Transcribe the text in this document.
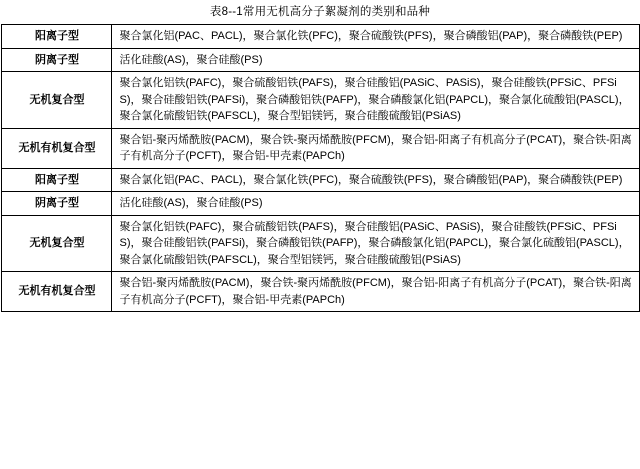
表8--1常用无机高分子絮凝剂的类别和品种
阳离子型	聚合氯化铝(PAC、PACL)，聚合氯化铁(PFC)，聚合硫酸铁(PFS)，聚合磷酸铝(PAP)，聚合磷酸铁(PEP)
阴离子型	活化硅酸(AS)，聚合硅酸(PS)
无机复合型	聚合氯化铝铁(PAFC)，聚合硫酸铝铁(PAFS)，聚合硅酸铝(PASiC、PASiS)，聚合硅酸铁(PFSiC、PFSiS)，聚合硅酸铝铁(PAFSi)，聚合磷酸铝铁(PAFP)，聚合磷酸氯化铝(PAPCL)，聚合氯化硫酸铝(PASCL)，聚合氯化硫酸铝铁(PAFSCL)，聚合型铝镁钙，聚合硅酸硫酸铝(PSiAS)
无机有机复合型	聚合铝-聚丙烯酰胺(PACM)，聚合铁-聚丙烯酰胺(PFCM)，聚合铝-阳离子有机高分子(PCAT)，聚合铁-阳离子有机高分子(PCFT)，聚合铝-甲壳素(PAPCh)
阳离子型	聚合氯化铝(PAC、PACL)，聚合氯化铁(PFC)，聚合硫酸铁(PFS)，聚合磷酸铝(PAP)，聚合磷酸铁(PEP)
阴离子型	活化硅酸(AS)，聚合硅酸(PS)
无机复合型	聚合氯化铝铁(PAFC)，聚合硫酸铝铁(PAFS)，聚合硅酸铝(PASiC、PASiS)，聚合硅酸铁(PFSiC、PFSiS)，聚合硅酸铝铁(PAFSi)，聚合磷酸铝铁(PAFP)，聚合磷酸氯化铝(PAPCL)，聚合氯化硫酸铝(PASCL)，聚合氯化硫酸铝铁(PAFSCL)，聚合型铝镁钙，聚合硅酸硫酸铝(PSiAS)
无机有机复合型	聚合铝-聚丙烯酰胺(PACM)，聚合铁-聚丙烯酰胺(PFCM)，聚合铝-阳离子有机高分子(PCAT)，聚合铁-阳离子有机高分子(PCFT)，聚合铝-甲壳素(PAPCh)
